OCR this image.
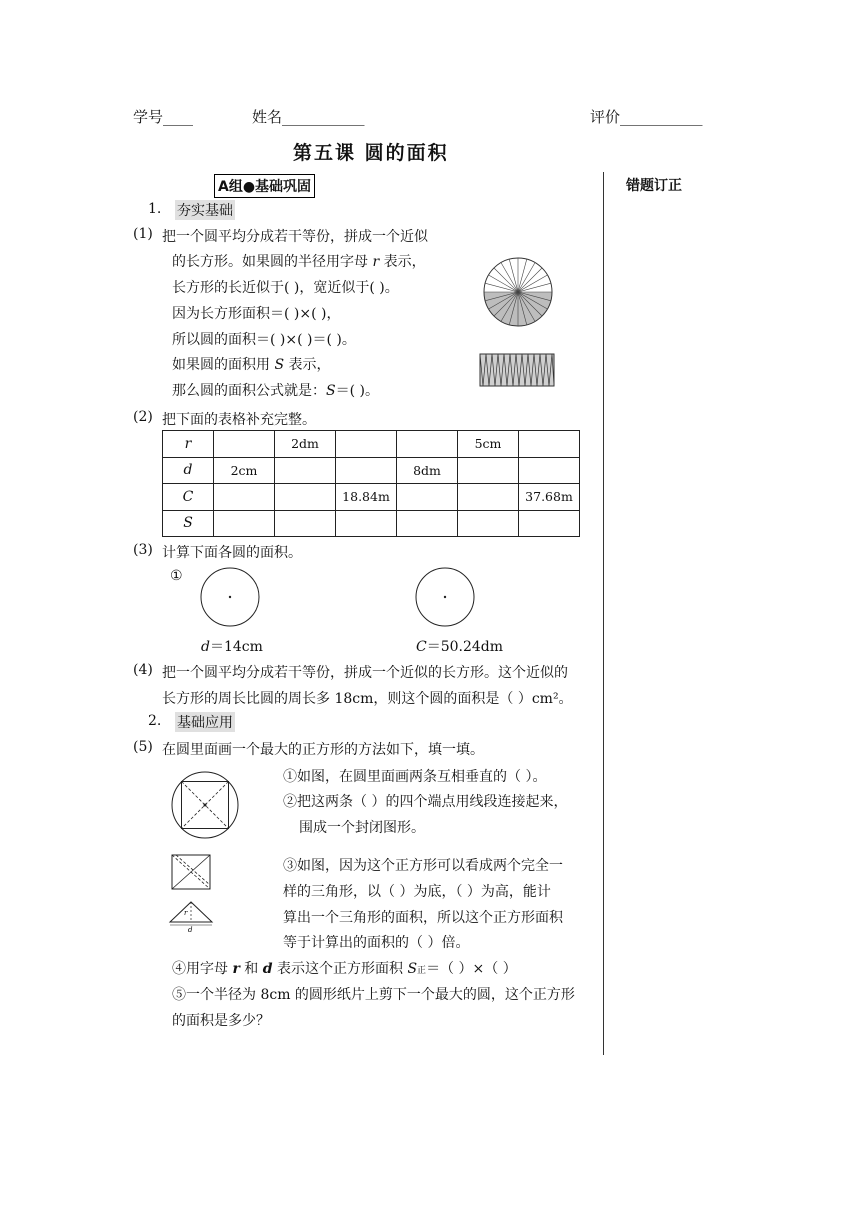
学号____	姓名___________	评价___________
第五课 圆的面积
A组●基础巩固	错题订正
1. 夯实基础
(1) 把一个圆平均分成若干等份，拼成一个近似
的长方形。如果圆的半径用字母 r 表示，
长方形的长近似于( )，宽近似于( )。
因为长方形面积＝( )×( )，
所以圆的面积＝( )×( )＝( )。
如果圆的面积用 S 表示，
那么圆的面积公式就是：S＝( )。
(2) 把下面的表格补充完整。
r		2dm			5cm	
d	2cm			8dm		
C			18.84m			37.68m
S						
(3) 计算下面各圆的面积。
①
d＝14cm	C＝50.24dm
(4) 把一个圆平均分成若干等份，拼成一个近似的长方形。这个近似的
长方形的周长比圆的周长多 18cm，则这个圆的面积是（ ）cm²。
2. 基础应用
(5) 在圆里面画一个最大的正方形的方法如下，填一填。
①如图，在圆里面画两条互相垂直的（ ）。
②把这两条（ ）的四个端点用线段连接起来，
围成一个封闭图形。
r
d
③如图，因为这个正方形可以看成两个完全一
样的三角形，以（ ）为底，（ ）为高，能计
算出一个三角形的面积，所以这个正方形面积
等于计算出的面积的（ ）倍。
④用字母 r 和 d 表示这个正方形面积 S正＝（ ）×（ ）
⑤一个半径为 8cm 的圆形纸片上剪下一个最大的圆，这个正方形
的面积是多少？
